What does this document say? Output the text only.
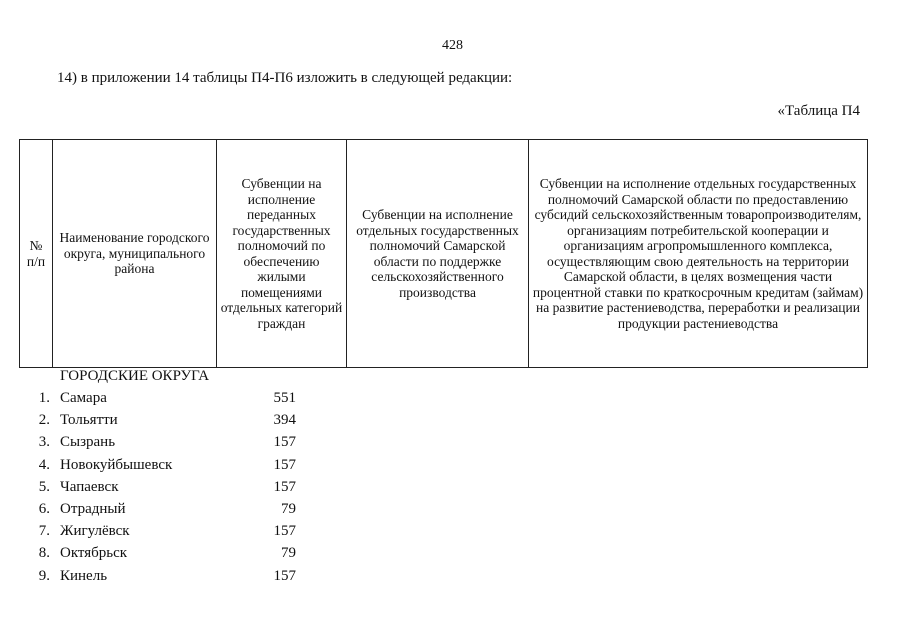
428
14) в приложении 14 таблицы П4-П6 изложить в следующей редакции:
«Таблица П4
№ п/п	Наименование городского округа, муниципального района	Субвенции на исполнение переданных государственных полномочий по обеспечению жилыми помещениями отдельных категорий граждан	Субвенции на исполнение отдельных государственных полномочий Самарской области по поддержке сельскохозяйственного производства	Субвенции на исполнение отдельных государственных полномочий Самарской области по предоставлению субсидий сельскохозяйственным товаропроизводителям, организациям потребительской кооперации и организациям агропромышленного комплекса, осуществляющим свою деятельность на территории Самарской области, в целях возмещения части процентной ставки по краткосрочным кредитам (займам) на развитие растениеводства, переработки и реализации продукции растениеводства
ГОРОДСКИЕ ОКРУГА
1. Самара	551
2. Тольятти	394
3. Сызрань	157
4. Новокуйбышевск	157
5. Чапаевск	157
6. Отрадный	79
7. Жигулёвск	157
8. Октябрьск	79
9. Кинель	157
